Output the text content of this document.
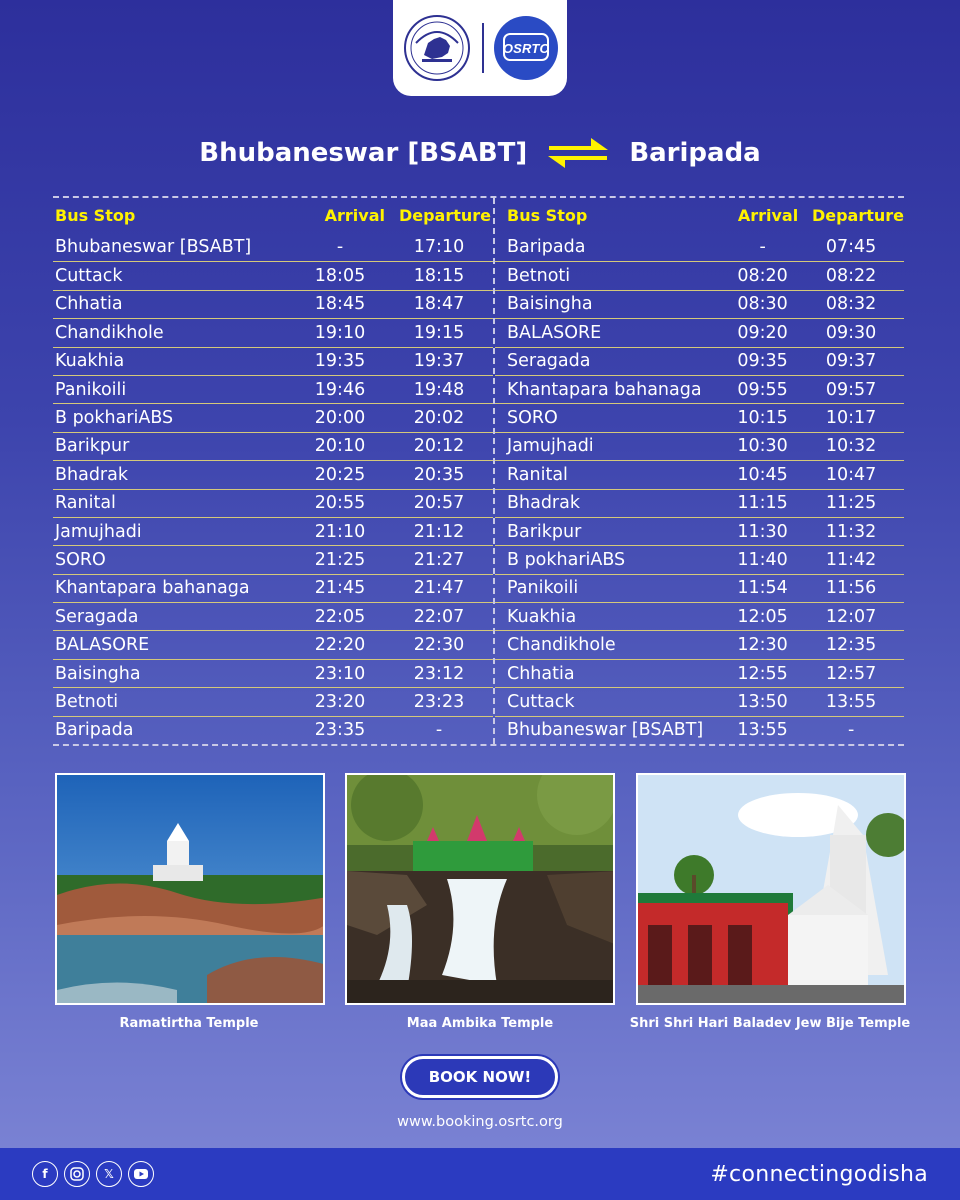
OSRTC
Bhubaneswar [BSABT]	Baripada
Bus Stop	Arrival Departure
Bhubaneswar [BSABT]	-	17:10
Cuttack	18:05	18:15
Chhatia	18:45	18:47
Chandikhole	19:10	19:15
Kuakhia	19:35	19:37
Panikoili	19:46	19:48
B pokhariABS	20:00	20:02
Barikpur	20:10	20:12
Bhadrak	20:25	20:35
Ranital	20:55	20:57
Jamujhadi	21:10	21:12
SORO	21:25	21:27
Khantapara bahanaga	21:45	21:47
Seragada	22:05	22:07
BALASORE	22:20	22:30
Baisingha	23:10	23:12
Betnoti	23:20	23:23
Baripada	23:35	-
Bus Stop	Arrival Departure
Baripada	-	07:45
Betnoti	08:20	08:22
Baisingha	08:30	08:32
BALASORE	09:20	09:30
Seragada	09:35	09:37
Khantapara bahanaga	09:55	09:57
SORO	10:15	10:17
Jamujhadi	10:30	10:32
Ranital	10:45	10:47
Bhadrak	11:15	11:25
Barikpur	11:30	11:32
B pokhariABS	11:40	11:42
Panikoili	11:54	11:56
Kuakhia	12:05	12:07
Chandikhole	12:30	12:35
Chhatia	12:55	12:57
Cuttack	13:50	13:55
Bhubaneswar [BSABT]	13:55	-
Ramatirtha Temple	Maa Ambika Temple	Shri Shri Hari Baladev Jew Bije Temple
BOOK NOW!
www.booking.osrtc.org
f	𝕏	#connectingodisha
